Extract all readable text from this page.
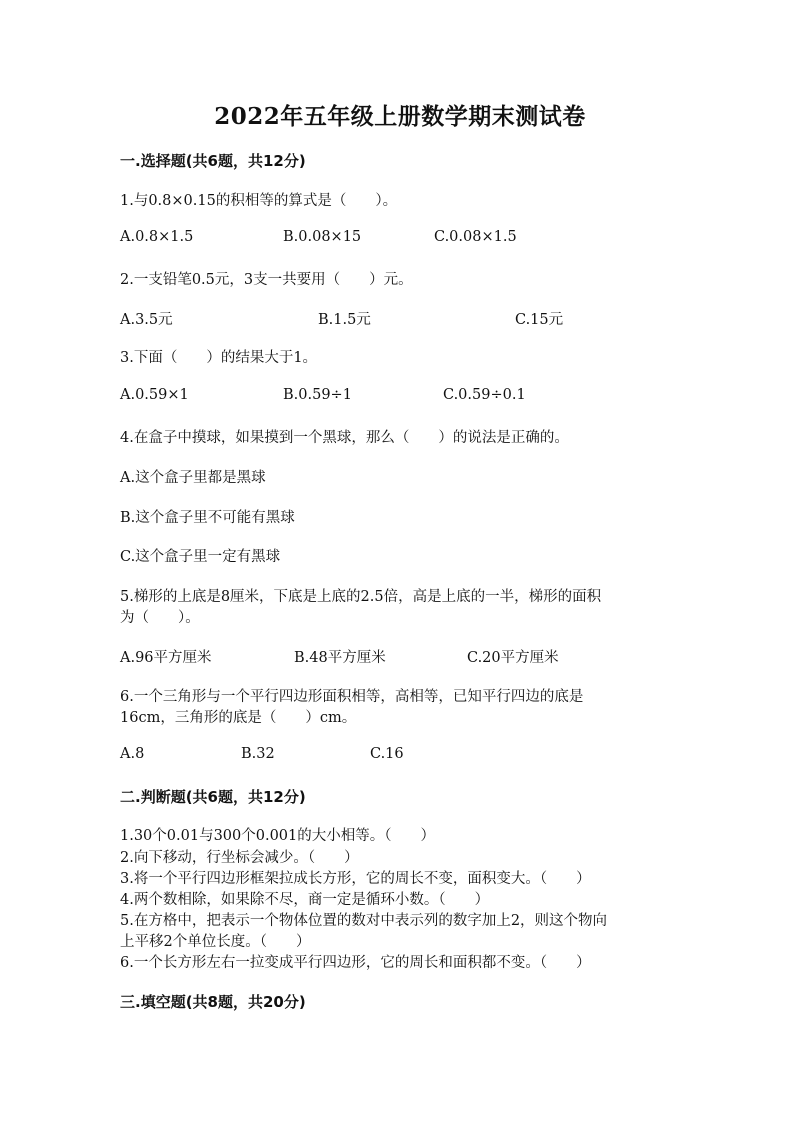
2022年五年级上册数学期末测试卷
一.选择题(共6题，共12分)
1.与0.8×0.15的积相等的算式是（　　）。
A.0.8×1.5	B.0.08×15	C.0.08×1.5
2.一支铅笔0.5元，3支一共要用（　　）元。
A.3.5元	B.1.5元	C.15元
3.下面（　　）的结果大于1。
A.0.59×1	B.0.59÷1	C.0.59÷0.1
4.在盒子中摸球，如果摸到一个黑球，那么（　　）的说法是正确的。
A.这个盒子里都是黑球
B.这个盒子里不可能有黑球
C.这个盒子里一定有黑球
5.梯形的上底是8厘米，下底是上底的2.5倍，高是上底的一半，梯形的面积
为（　　）。
A.96平方厘米	B.48平方厘米	C.20平方厘米
6.一个三角形与一个平行四边形面积相等，高相等，已知平行四边的底是
16cm，三角形的底是（　　）cm。
A.8	B.32	C.16
二.判断题(共6题，共12分)
1.30个0.01与300个0.001的大小相等。（　　）
2.向下移动，行坐标会减少。（　　）
3.将一个平行四边形框架拉成长方形，它的周长不变，面积变大。（　　）
4.两个数相除，如果除不尽，商一定是循环小数。（　　）
5.在方格中，把表示一个物体位置的数对中表示列的数字加上2，则这个物向
上平移2个单位长度。（　　）
6.一个长方形左右一拉变成平行四边形，它的周长和面积都不变。（　　）
三.填空题(共8题，共20分)
